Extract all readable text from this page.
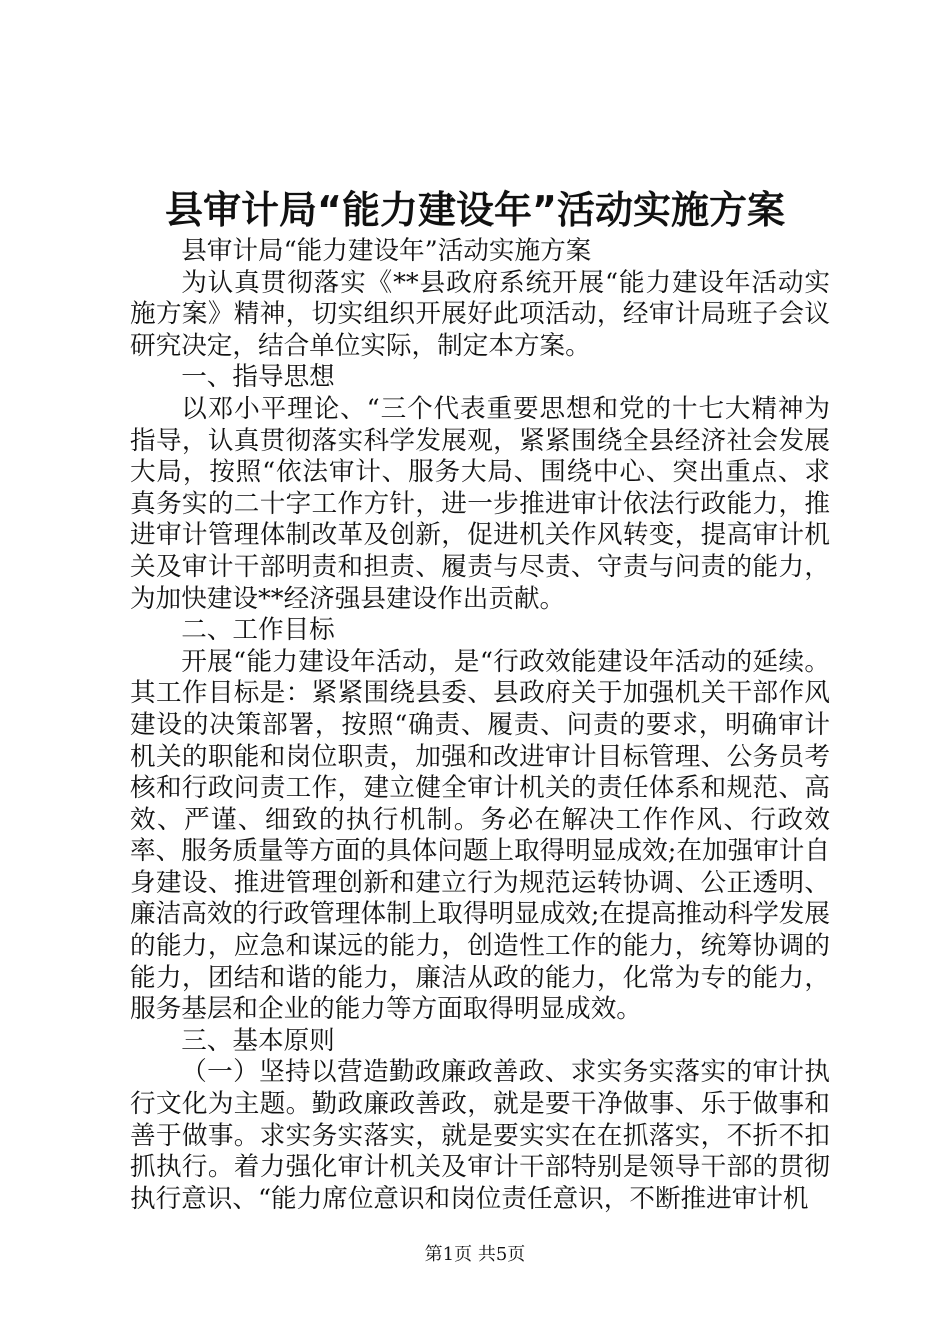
县审计局“能力建设年”活动实施方案

县审计局“能力建设年”活动实施方案

为认真贯彻落实《**县政府系统开展“能力建设年活动实施方案》精神，切实组织开展好此项活动，经审计局班子会议研究决定，结合单位实际，制定本方案。

一、指导思想

以邓小平理论、“三个代表重要思想和党的十七大精神为指导，认真贯彻落实科学发展观，紧紧围绕全县经济社会发展大局，按照“依法审计、服务大局、围绕中心、突出重点、求真务实的二十字工作方针，进一步推进审计依法行政能力，推进审计管理体制改革及创新，促进机关作风转变，提高审计机关及审计干部明责和担责、履责与尽责、守责与问责的能力，为加快建设**经济强县建设作出贡献。

二、工作目标

开展“能力建设年活动，是“行政效能建设年活动的延续。其工作目标是：紧紧围绕县委、县政府关于加强机关干部作风建设的决策部署，按照“确责、履责、问责的要求，明确审计机关的职能和岗位职责，加强和改进审计目标管理、公务员考核和行政问责工作，建立健全审计机关的责任体系和规范、高效、严谨、细致的执行机制。务必在解决工作作风、行政效率、服务质量等方面的具体问题上取得明显成效;在加强审计自身建设、推进管理创新和建立行为规范运转协调、公正透明、廉洁高效的行政管理体制上取得明显成效;在提高推动科学发展的能力，应急和谋远的能力，创造性工作的能力，统筹协调的能力，团结和谐的能力，廉洁从政的能力，化常为专的能力，服务基层和企业的能力等方面取得明显成效。

三、基本原则

（一）坚持以营造勤政廉政善政、求实务实落实的审计执行文化为主题。勤政廉政善政，就是要干净做事、乐于做事和善于做事。求实务实落实，就是要实实在在抓落实，不折不扣抓执行。着力强化审计机关及审计干部特别是领导干部的贯彻执行意识、“能力席位意识和岗位责任意识，不断推进审计机

第1页 共5页
